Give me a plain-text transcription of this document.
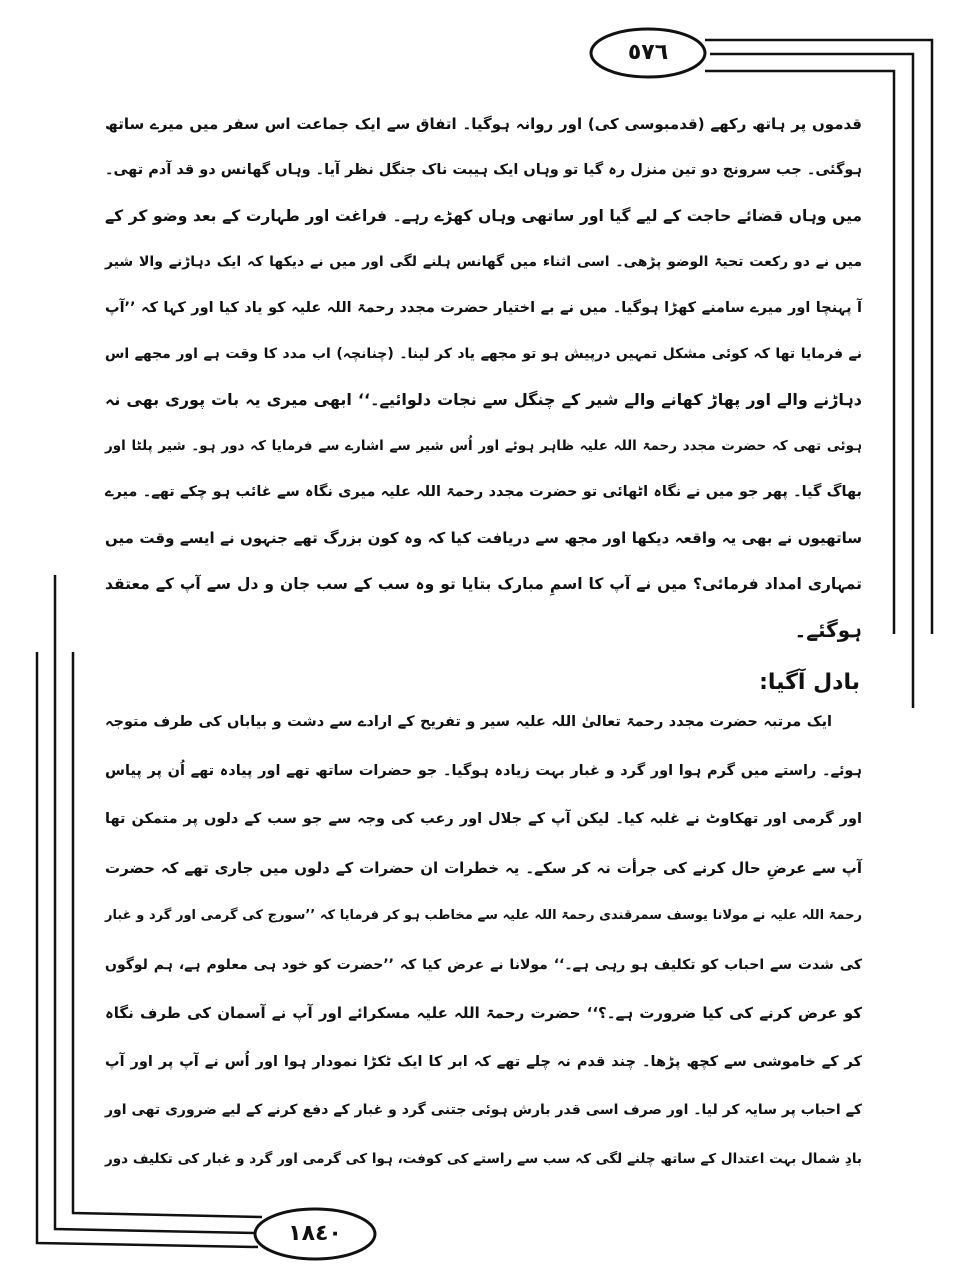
٥٧٦
١٨٤٠
قدموں پر ہاتھ رکھے (قدمبوسی کی) اور روانہ ہوگیا۔ اتفاق سے ایک جماعت اس سفر میں میرے ساتھ
ہوگئی۔ جب سرونج دو تین منزل رہ گیا تو وہاں ایک ہیبت ناک جنگل نظر آیا۔ وہاں گھانس دو قد آدم تھی۔
میں وہاں قضائے حاجت کے لیے گیا اور ساتھی وہاں کھڑے رہے۔ فراغت اور طہارت کے بعد وضو کر کے
میں نے دو رکعت تحیۃ الوضو پڑھی۔ اسی اثناء میں گھانس ہلنے لگی اور میں نے دیکھا کہ ایک دہاڑنے والا شیر
آ پہنچا اور میرے سامنے کھڑا ہوگیا۔ میں نے بے اختیار حضرت مجدد رحمۃ اللہ علیہ کو یاد کیا اور کہا کہ ’’آپ
نے فرمایا تھا کہ کوئی مشکل تمہیں درپیش ہو تو مجھے یاد کر لینا۔ (چنانچہ) اب مدد کا وقت ہے اور مجھے اس
دہاڑنے والے اور پھاڑ کھانے والے شیر کے چنگل سے نجات دلوائیے۔‘‘ ابھی میری یہ بات پوری بھی نہ
ہوئی تھی کہ حضرت مجدد رحمۃ اللہ علیہ ظاہر ہوئے اور اُس شیر سے اشارے سے فرمایا کہ دور ہو۔ شیر پلٹا اور
بھاگ گیا۔ پھر جو میں نے نگاہ اٹھائی تو حضرت مجدد رحمۃ اللہ علیہ میری نگاہ سے غائب ہو چکے تھے۔ میرے
ساتھیوں نے بھی یہ واقعہ دیکھا اور مجھ سے دریافت کیا کہ وہ کون بزرگ تھے جنہوں نے ایسے وقت میں
تمہاری امداد فرمائی؟ میں نے آپ کا اسمِ مبارک بتایا تو وہ سب کے سب جان و دل سے آپ کے معتقد
ہوگئے۔
بادل آگیا:
ایک مرتبہ حضرت مجدد رحمۃ تعالیٰ اللہ علیہ سیر و تفریح کے ارادے سے دشت و بیاباں کی طرف متوجہ
ہوئے۔ راستے میں گرم ہوا اور گرد و غبار بہت زیادہ ہوگیا۔ جو حضرات ساتھ تھے اور پیادہ تھے اُن پر پیاس
اور گرمی اور تھکاوٹ نے غلبہ کیا۔ لیکن آپ کے جلال اور رعب کی وجہ سے جو سب کے دلوں پر متمکن تھا
آپ سے عرضِ حال کرنے کی جرأت نہ کر سکے۔ یہ خطرات ان حضرات کے دلوں میں جاری تھے کہ حضرت
رحمۃ اللہ علیہ نے مولانا یوسف سمرقندی رحمۃ اللہ علیہ سے مخاطب ہو کر فرمایا کہ ’’سورج کی گرمی اور گرد و غبار
کی شدت سے احباب کو تکلیف ہو رہی ہے۔‘‘ مولانا نے عرض کیا کہ ’’حضرت کو خود ہی معلوم ہے، ہم لوگوں
کو عرض کرنے کی کیا ضرورت ہے۔؟‘‘ حضرت رحمۃ اللہ علیہ مسکرائے اور آپ نے آسمان کی طرف نگاہ
کر کے خاموشی سے کچھ پڑھا۔ چند قدم نہ چلے تھے کہ ابر کا ایک ٹکڑا نمودار ہوا اور اُس نے آپ پر اور آپ
کے احباب پر سایہ کر لیا۔ اور صرف اسی قدر بارش ہوئی جتنی گرد و غبار کے دفع کرنے کے لیے ضروری تھی اور
بادِ شمال بہت اعتدال کے ساتھ چلنے لگی کہ سب سے راستے کی کوفت، ہوا کی گرمی اور گرد و غبار کی تکلیف دور
